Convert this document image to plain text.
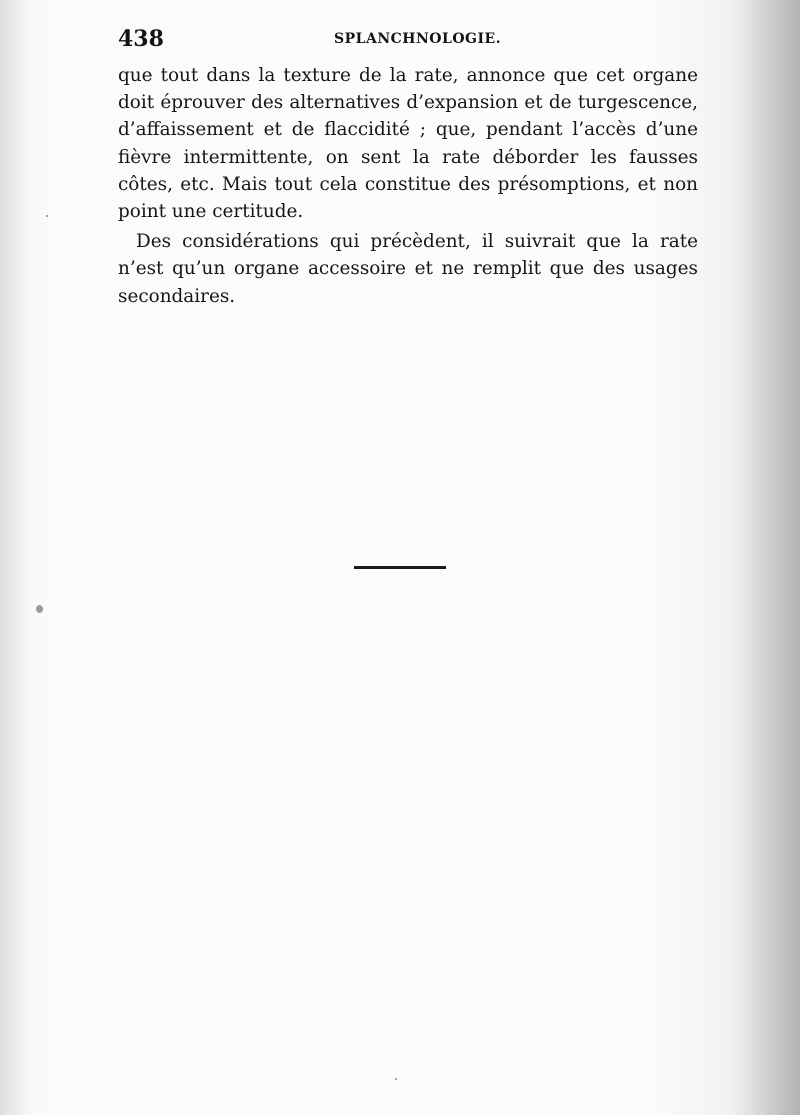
438	SPLANCHNOLOGIE.

que tout dans la texture de la rate, annonce que cet organe doit éprouver des alternatives d’expansion et de turgescence, d’affaissement et de flaccidité ; que, pendant l’accès d’une fièvre intermittente, on sent la rate déborder les fausses côtes, etc. Mais tout cela constitue des présomptions, et non point une certitude.

Des considérations qui précèdent, il suivrait que la rate n’est qu’un organe accessoire et ne remplit que des usages secondaires.
